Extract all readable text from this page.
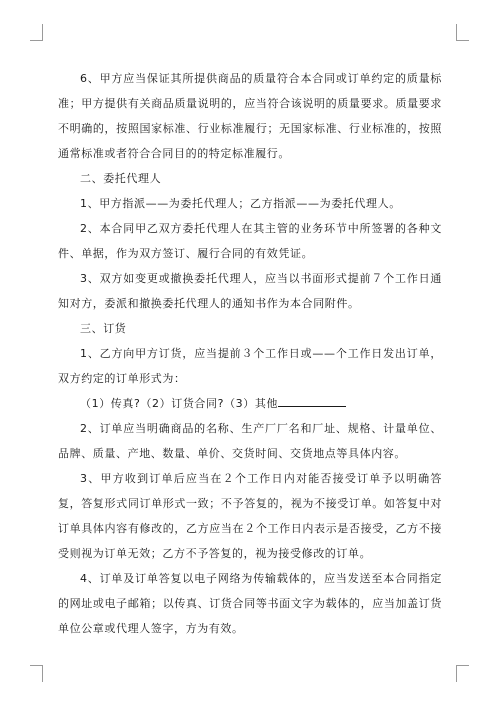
6、甲方应当保证其所提供商品的质量符合本合同或订单约定的质量标准；甲方提供有关商品质量说明的，应当符合该说明的质量要求。质量要求不明确的，按照国家标准、行业标准履行；无国家标准、行业标准的，按照通常标准或者符合合同目的的特定标准履行。

二、委托代理人

1、甲方指派——为委托代理人；乙方指派——为委托代理人。

2、本合同甲乙双方委托代理人在其主管的业务环节中所签署的各种文件、单据，作为双方签订、履行合同的有效凭证。

3、双方如变更或撤换委托代理人，应当以书面形式提前７个工作日通知对方，委派和撤换委托代理人的通知书作为本合同附件。

三、订货

1、乙方向甲方订货，应当提前３个工作日或——个工作日发出订单，双方约定的订单形式为：

（1）传真?（2）订货合同?（3）其他

2、订单应当明确商品的名称、生产厂厂名和厂址、规格、计量单位、品牌、质量、产地、数量、单价、交货时间、交货地点等具体内容。

3、甲方收到订单后应当在２个工作日内对能否接受订单予以明确答复，答复形式同订单形式一致；不予答复的，视为不接受订单。如答复中对订单具体内容有修改的，乙方应当在２个工作日内表示是否接受，乙方不接受则视为订单无效；乙方不予答复的，视为接受修改的订单。

4、订单及订单答复以电子网络为传输载体的，应当发送至本合同指定的网址或电子邮箱；以传真、订货合同等书面文字为载体的，应当加盖订货单位公章或代理人签字，方为有效。
